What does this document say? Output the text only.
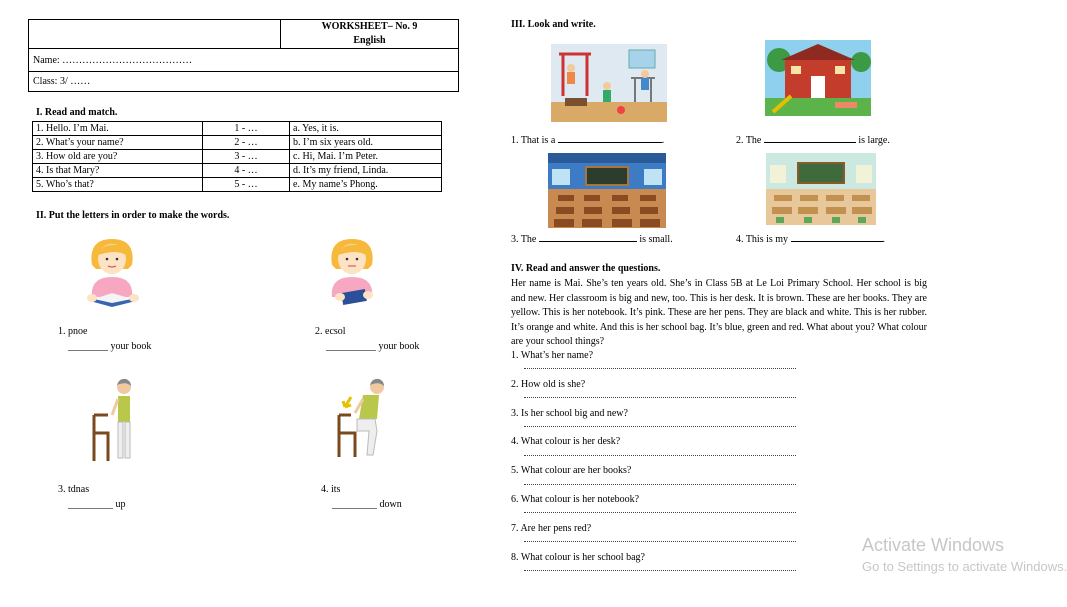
WORKSHEET– No. 9
English

Name: …………………………………
Class: 3/ ……
I. Read and match.
1. Hello. I’m Mai.	1 - …	a. Yes, it is.
2. What’s your name?	2 - …	b. I’m six years old.
3. How old are you?	3 - …	c. Hi, Mai. I’m Peter.
4. Is that Mary?	4 - …	d. It’s my friend, Linda.
5. Who’s that?	5 - …	e. My name’s Phong.
II. Put the letters in order to make the words.
1. pnoe
________ your book
2. ecsol
__________ your book
3. tdnas
_________ up
4. its
_________ down
III. Look and write.
1. That is a	.	2. The	is large.
3. The	is small.	4. This is my	.
IV. Read and answer the questions.
Her name is Mai. She’s ten years old. She’s in Class 5B at Le Loi Primary School. Her school is big and new. Her classroom is big and new, too. This is her desk. It is brown. These are her books. They are yellow. This is her notebook. It’s pink. These are her pens. They are black and white. This is her rubber. It’s orange and white. And this is her school bag. It’s blue, green and red. What about you? What colour are your school things?
1. What’s her name?
2. How old is she?
3. Is her school big and new?
4. What colour is her desk?
5. What colour are her books?
6. What colour is her notebook?
7. Are her pens red?
8. What colour is her school bag?
Activate Windows
Go to Settings to activate Windows.
